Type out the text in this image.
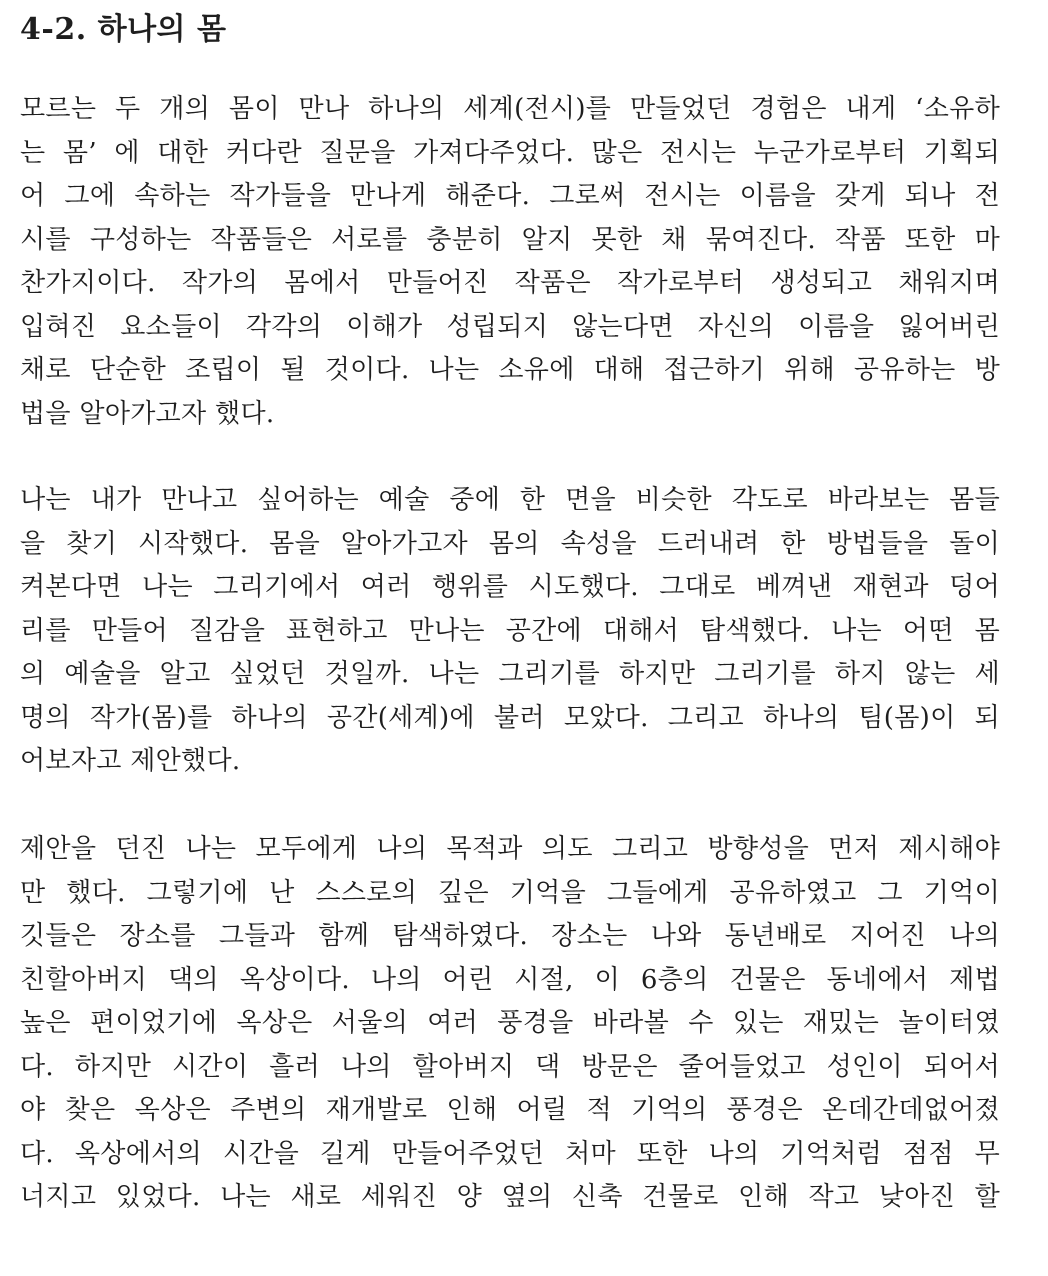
4-2. 하나의 몸
모르는 두 개의 몸이 만나 하나의 세계(전시)를 만들었던 경험은 내게 ‘소유하
는 몸’ 에 대한 커다란 질문을 가져다주었다. 많은 전시는 누군가로부터 기획되
어 그에 속하는 작가들을 만나게 해준다. 그로써 전시는 이름을 갖게 되나 전
시를 구성하는 작품들은 서로를 충분히 알지 못한 채 묶여진다. 작품 또한 마
찬가지이다. 작가의 몸에서 만들어진 작품은 작가로부터 생성되고 채워지며
입혀진 요소들이 각각의 이해가 성립되지 않는다면 자신의 이름을 잃어버린
채로 단순한 조립이 될 것이다. 나는 소유에 대해 접근하기 위해 공유하는 방
법을 알아가고자 했다.
나는 내가 만나고 싶어하는 예술 중에 한 면을 비슷한 각도로 바라보는 몸들
을 찾기 시작했다. 몸을 알아가고자 몸의 속성을 드러내려 한 방법들을 돌이
켜본다면 나는 그리기에서 여러 행위를 시도했다. 그대로 베껴낸 재현과 덩어
리를 만들어 질감을 표현하고 만나는 공간에 대해서 탐색했다. 나는 어떤 몸
의 예술을 알고 싶었던 것일까. 나는 그리기를 하지만 그리기를 하지 않는 세
명의 작가(몸)를 하나의 공간(세계)에 불러 모았다. 그리고 하나의 팀(몸)이 되
어보자고 제안했다.
제안을 던진 나는 모두에게 나의 목적과 의도 그리고 방향성을 먼저 제시해야
만 했다. 그렇기에 난 스스로의 깊은 기억을 그들에게 공유하였고 그 기억이
깃들은 장소를 그들과 함께 탐색하였다. 장소는 나와 동년배로 지어진 나의
친할아버지 댁의 옥상이다. 나의 어린 시절, 이 6층의 건물은 동네에서 제법
높은 편이었기에 옥상은 서울의 여러 풍경을 바라볼 수 있는 재밌는 놀이터였
다. 하지만 시간이 흘러 나의 할아버지 댁 방문은 줄어들었고 성인이 되어서
야 찾은 옥상은 주변의 재개발로 인해 어릴 적 기억의 풍경은 온데간데없어졌
다. 옥상에서의 시간을 길게 만들어주었던 처마 또한 나의 기억처럼 점점 무
너지고 있었다. 나는 새로 세워진 양 옆의 신축 건물로 인해 작고 낮아진 할
